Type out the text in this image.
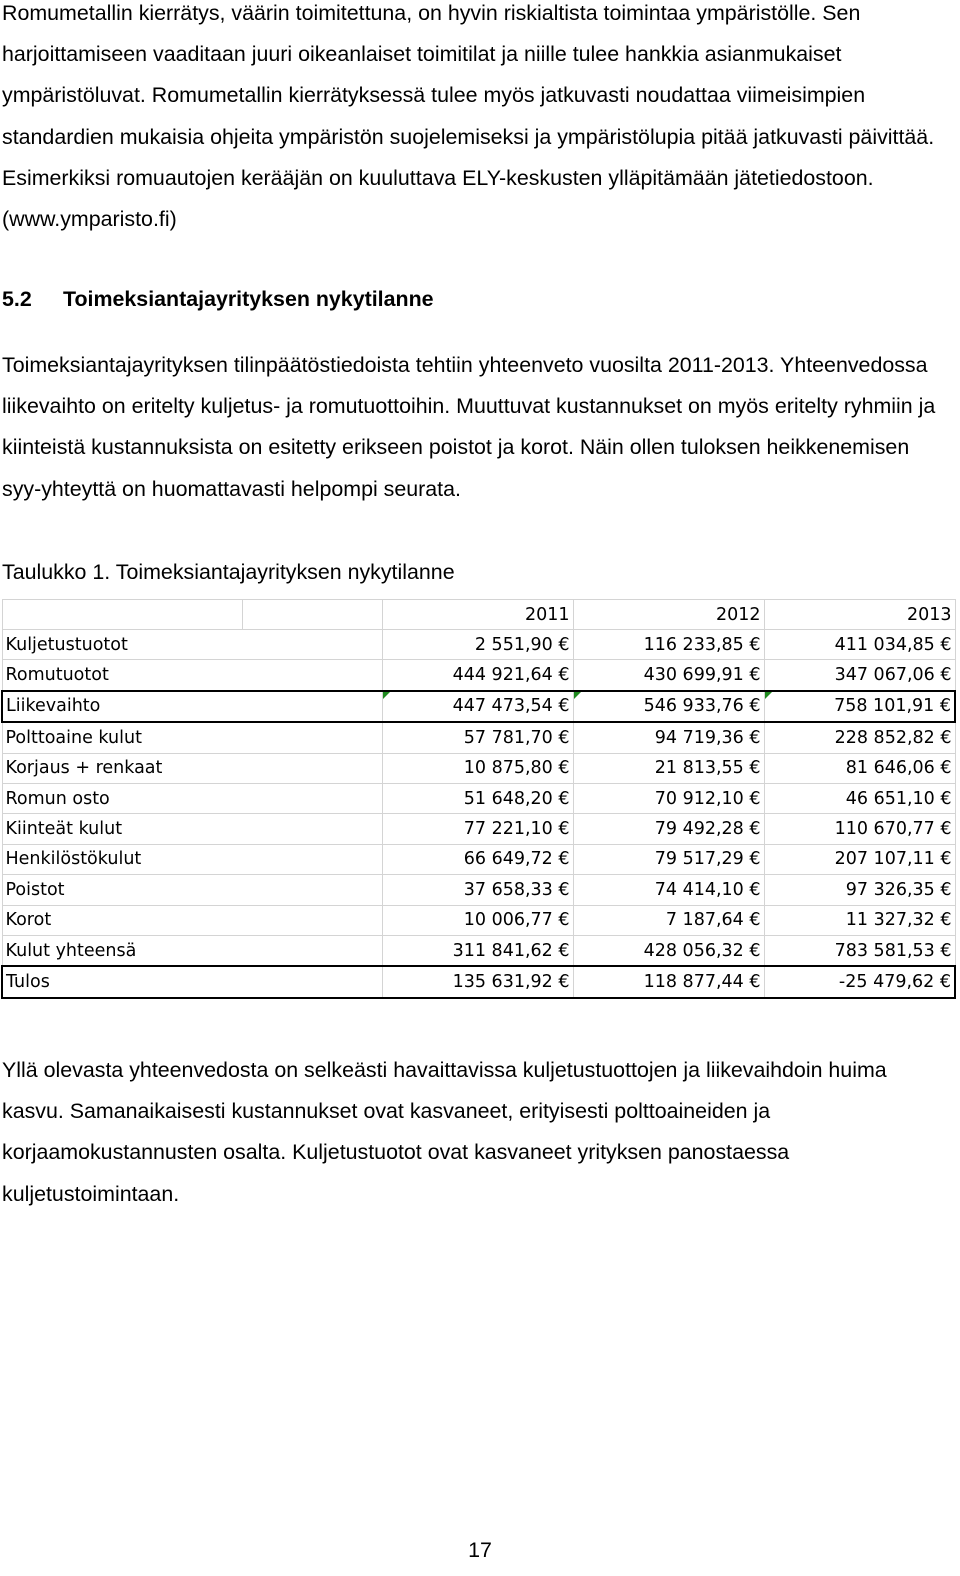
Romumetallin kierrätys, väärin toimitettuna, on hyvin riskialtista toimintaa ympäristölle. Sen harjoittamiseen vaaditaan juuri oikeanlaiset toimitilat ja niille tulee hankkia asianmukaiset ympäristöluvat. Romumetallin kierrätyksessä tulee myös jatkuvasti noudattaa viimeisimpien standardien mukaisia ohjeita ympäristön suojelemiseksi ja ympäristölupia pitää jatkuvasti päivittää. Esimerkiksi romuautojen kerääjän on kuuluttava ELY-keskusten ylläpitämään jätetiedostoon. (www.ymparisto.fi)

5.2 Toimeksiantajayrityksen nykytilanne

Toimeksiantajayrityksen tilinpäätöstiedoista tehtiin yhteenveto vuosilta 2011-2013. Yhteenvedossa liikevaihto on eritelty kuljetus- ja romutuottoihin. Muuttuvat kustannukset on myös eritelty ryhmiin ja kiinteistä kustannuksista on esitetty erikseen poistot ja korot. Näin ollen tuloksen heikkenemisen syy-yhteyttä on huomattavasti helpompi seurata.

Taulukko 1. Toimeksiantajayrityksen nykytilanne

		2011	2012	2013
Kuljetustuotot		2 551,90 €	116 233,85 €	411 034,85 €
Romutuotot		444 921,64 €	430 699,91 €	347 067,06 €
Liikevaihto		447 473,54 €	546 933,76 €	758 101,91 €
Polttoaine kulut		57 781,70 €	94 719,36 €	228 852,82 €
Korjaus + renkaat		10 875,80 €	21 813,55 €	81 646,06 €
Romun osto		51 648,20 €	70 912,10 €	46 651,10 €
Kiinteät kulut		77 221,10 €	79 492,28 €	110 670,77 €
Henkilöstökulut		66 649,72 €	79 517,29 €	207 107,11 €
Poistot		37 658,33 €	74 414,10 €	97 326,35 €
Korot		10 006,77 €	7 187,64 €	11 327,32 €
Kulut yhteensä		311 841,62 €	428 056,32 €	783 581,53 €
Tulos		135 631,92 €	118 877,44 €	-25 479,62 €

Yllä olevasta yhteenvedosta on selkeästi havaittavissa kuljetustuottojen ja liikevaihdoin huima kasvu. Samanaikaisesti kustannukset ovat kasvaneet, erityisesti polttoaineiden ja korjaamokustannusten osalta. Kuljetustuotot ovat kasvaneet yrityksen panostaessa kuljetustoimintaan.

17
